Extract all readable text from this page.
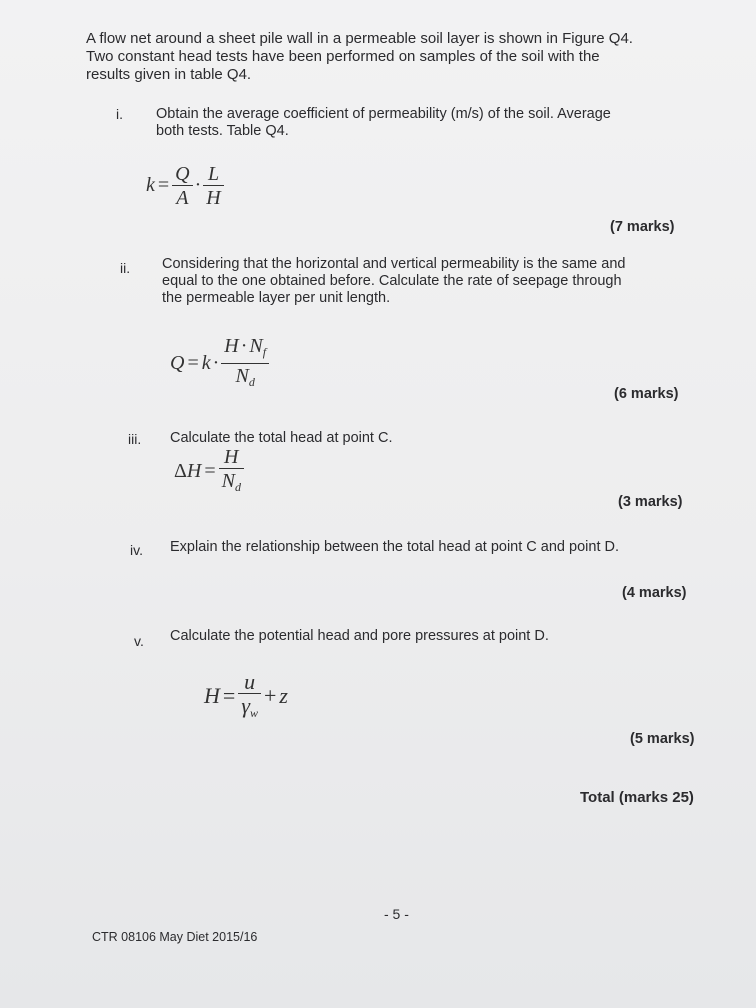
A flow net around a sheet pile wall in a permeable soil layer is shown in Figure Q4.
Two constant head tests have been performed on samples of the soil with the
results given in table Q4.
i. Obtain the average coefficient of permeability (m/s) of the soil. Average
both tests. Table Q4.
$k = \frac{Q}{A} \cdot \frac{L}{H}$
(7 marks)
ii. Considering that the horizontal and vertical permeability is the same and
equal to the one obtained before. Calculate the rate of seepage through
the permeable layer per unit length.
$Q = k \cdot \frac{H \cdot N_f}{N_d}$
(6 marks)
iii. Calculate the total head at point C.
$\Delta H = \frac{H}{N_d}$
(3 marks)
iv. Explain the relationship between the total head at point C and point D.
(4 marks)
v. Calculate the potential head and pore pressures at point D.
$H = \frac{u}{\gamma_w} + z$
(5 marks)
Total (marks 25)
- 5 -
CTR 08106 May Diet 2015/16
